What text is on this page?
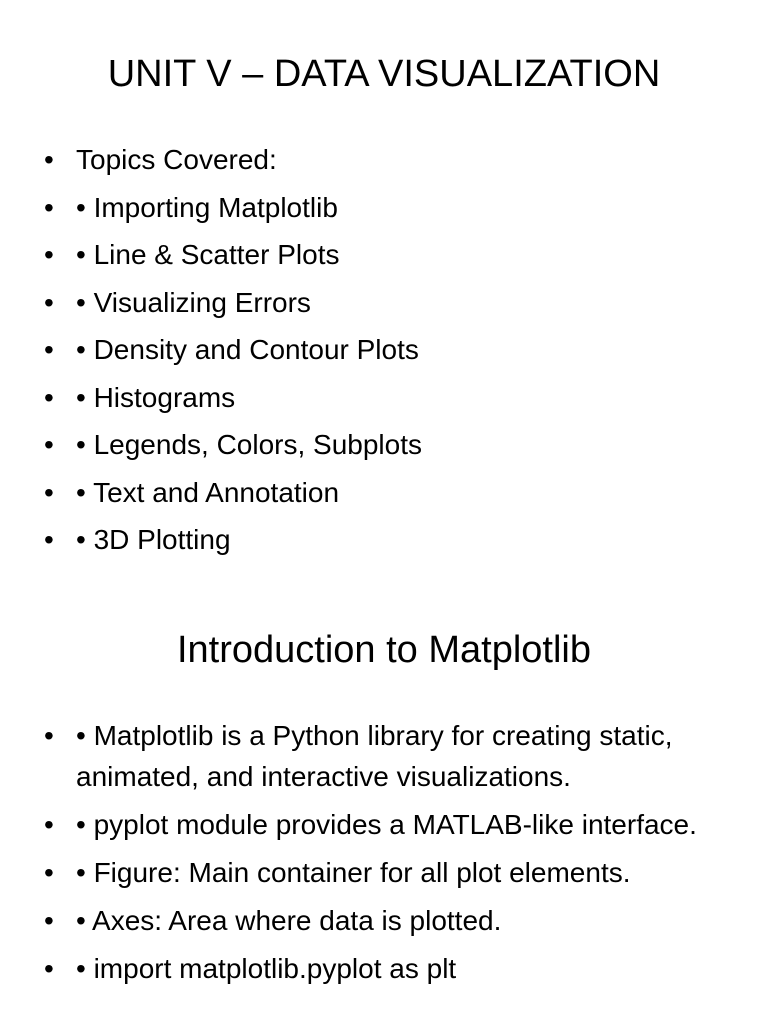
UNIT V – DATA VISUALIZATION
• Topics Covered:
• • Importing Matplotlib
• • Line & Scatter Plots
• • Visualizing Errors
• • Density and Contour Plots
• • Histograms
• • Legends, Colors, Subplots
• • Text and Annotation
• • 3D Plotting
Introduction to Matplotlib
• • Matplotlib is a Python library for creating static, animated, and interactive visualizations.
• • pyplot module provides a MATLAB-like interface.
• • Figure: Main container for all plot elements.
• • Axes: Area where data is plotted.
• • import matplotlib.pyplot as plt
